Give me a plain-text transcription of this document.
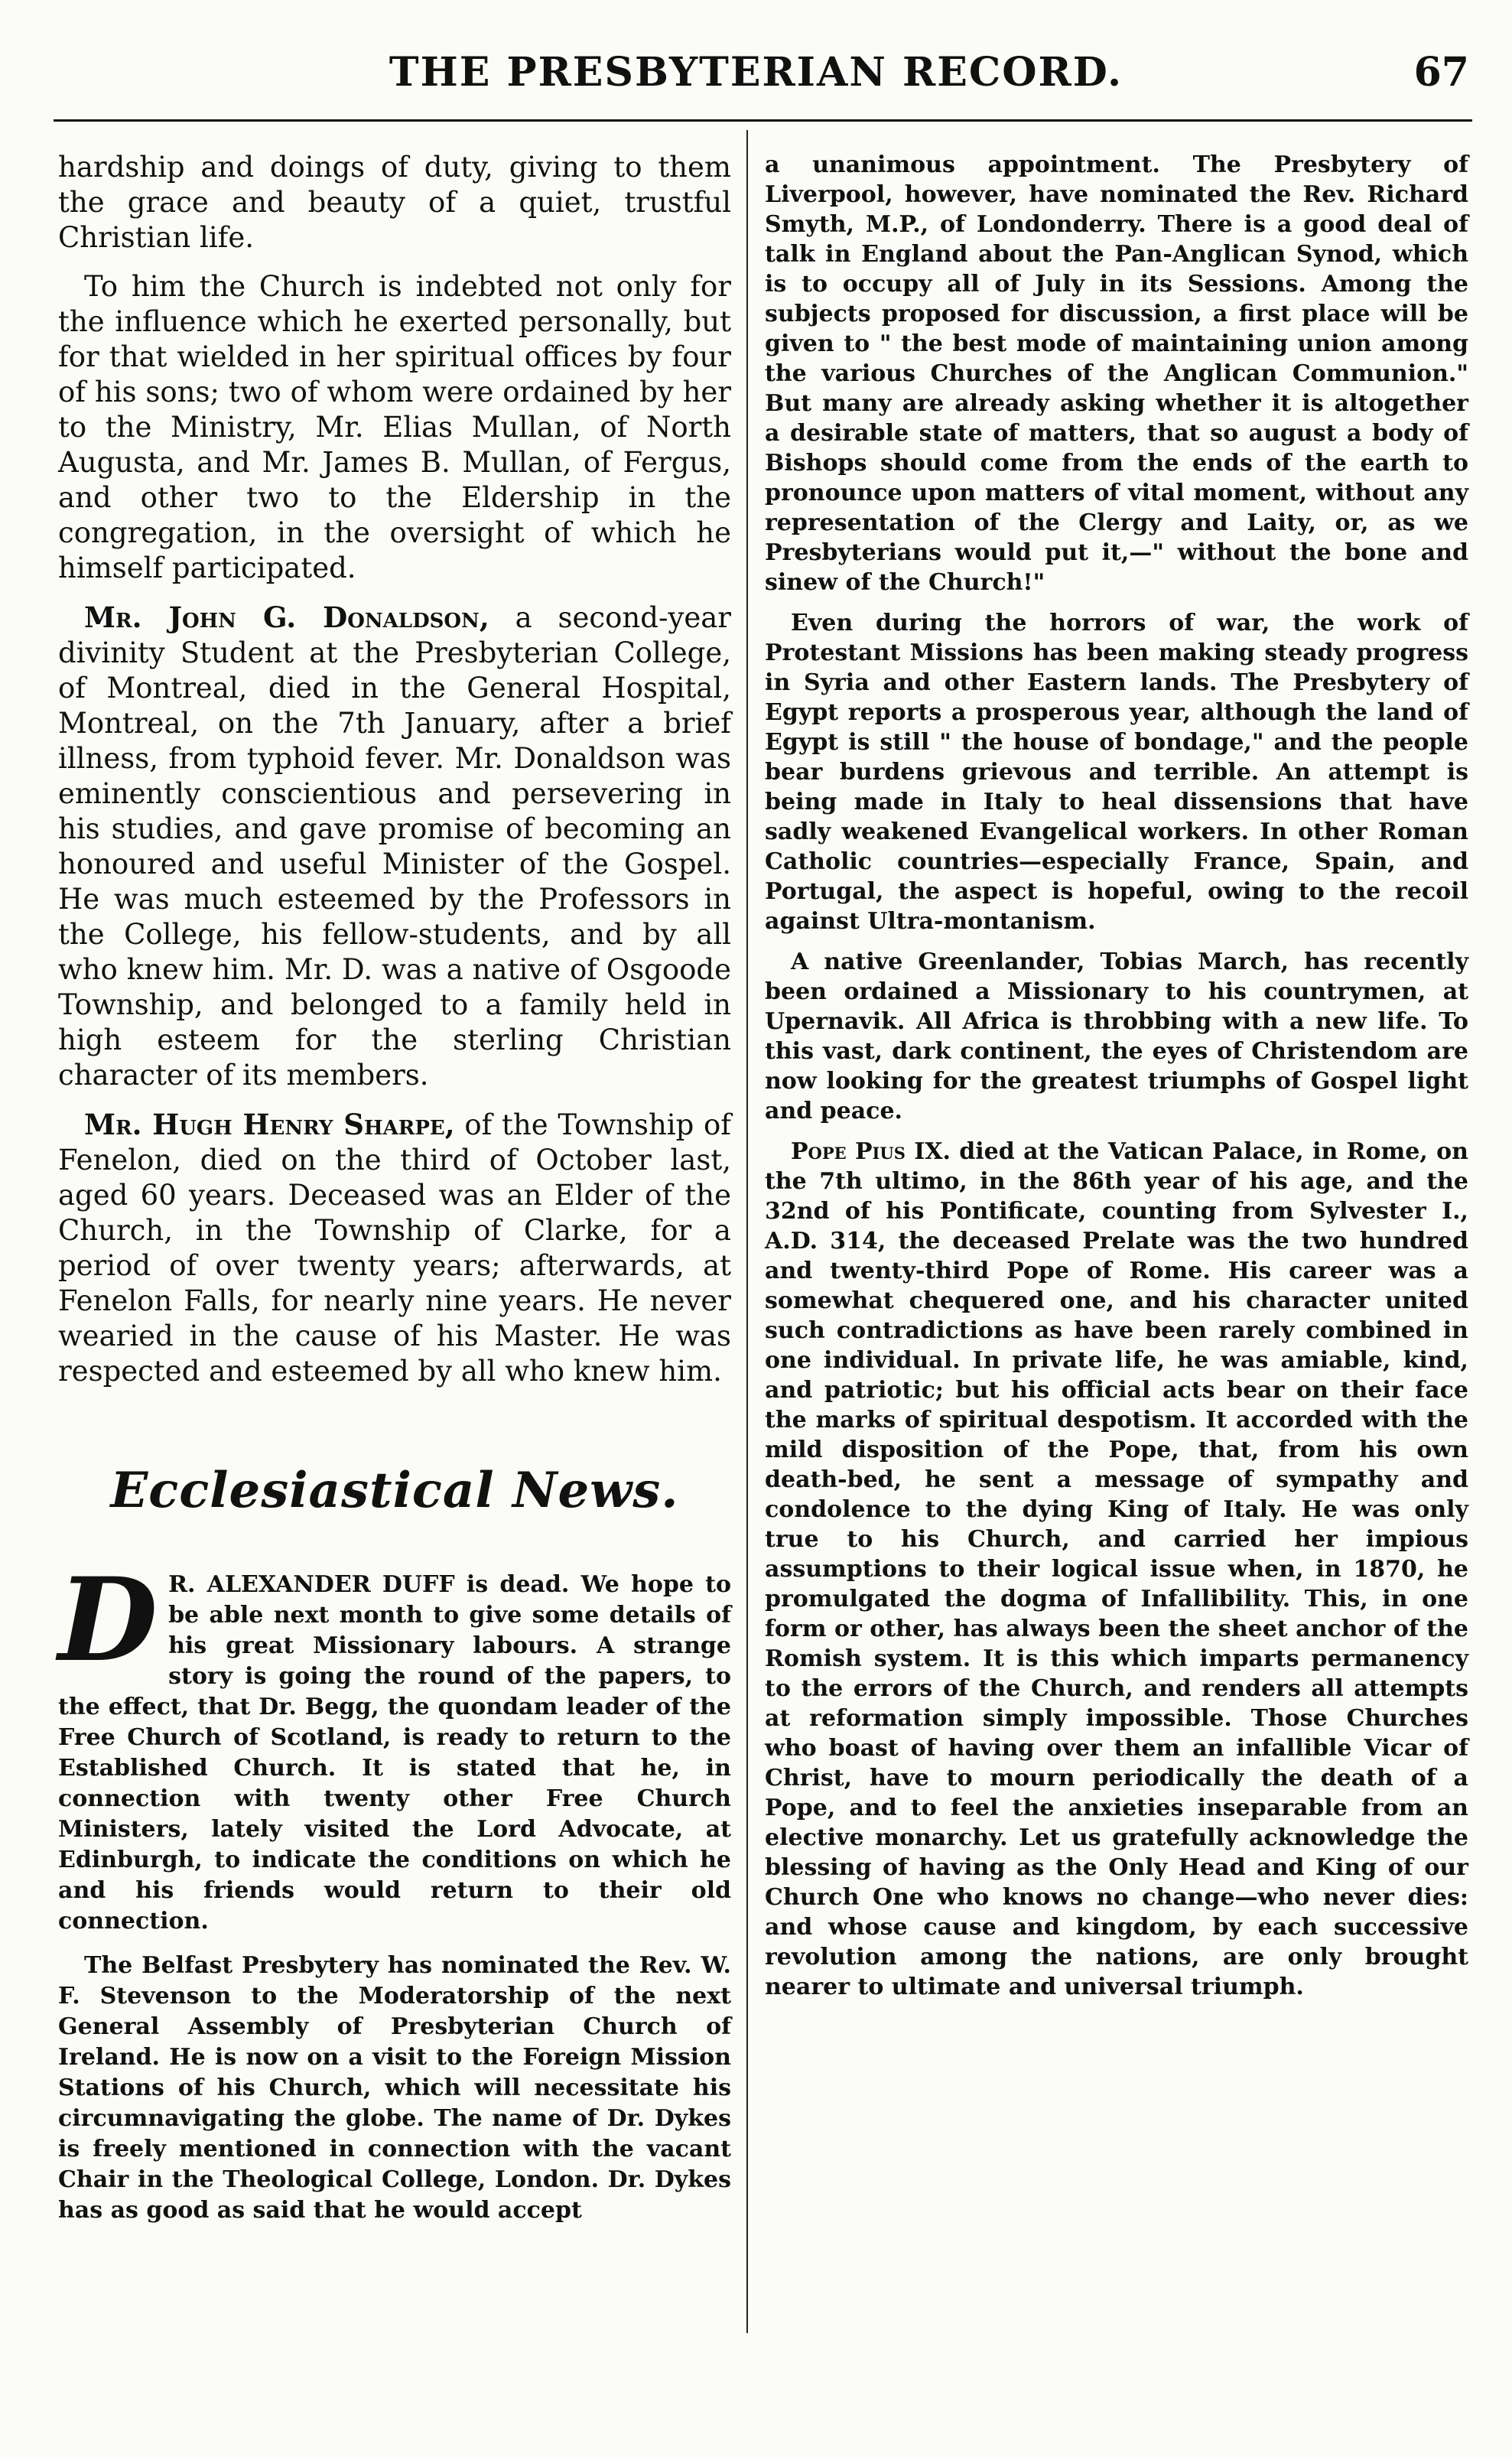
THE PRESBYTERIAN RECORD.	67

hardship and doings of duty, giving to them the grace and beauty of a quiet, trustful Christian life.

To him the Church is indebted not only for the influence which he exerted personally, but for that wielded in her spiritual offices by four of his sons; two of whom were ordained by her to the Ministry, Mr. Elias Mullan, of North Augusta, and Mr. James B. Mullan, of Fergus, and other two to the Eldership in the congregation, in the oversight of which he himself participated.

Mr. John G. Donaldson, a second-year divinity Student at the Presbyterian College, of Montreal, died in the General Hospital, Montreal, on the 7th January, after a brief illness, from typhoid fever. Mr. Donaldson was eminently conscientious and persevering in his studies, and gave promise of becoming an honoured and useful Minister of the Gospel. He was much esteemed by the Professors in the College, his fellow-students, and by all who knew him. Mr. D. was a native of Osgoode Township, and belonged to a family held in high esteem for the sterling Christian character of its members.

Mr. Hugh Henry Sharpe, of the Township of Fenelon, died on the third of October last, aged 60 years. Deceased was an Elder of the Church, in the Township of Clarke, for a period of over twenty years; afterwards, at Fenelon Falls, for nearly nine years. He never wearied in the cause of his Master. He was respected and esteemed by all who knew him.

Ecclesiastical News.

D R. ALEXANDER DUFF is dead. We hope to be able next month to give some details of his great Missionary labours. A strange story is going the round of the papers, to the effect, that Dr. Begg, the quondam leader of the Free Church of Scotland, is ready to return to the Established Church. It is stated that he, in connection with twenty other Free Church Ministers, lately visited the Lord Advocate, at Edinburgh, to indicate the conditions on which he and his friends would return to their old connection.

The Belfast Presbytery has nominated the Rev. W. F. Stevenson to the Moderatorship of the next General Assembly of Presbyterian Church of Ireland. He is now on a visit to the Foreign Mission Stations of his Church, which will necessitate his circumnavigating the globe. The name of Dr. Dykes is freely mentioned in connection with the vacant Chair in the Theological College, London. Dr. Dykes has as good as said that he would accept

a unanimous appointment. The Presbytery of Liverpool, however, have nominated the Rev. Richard Smyth, M.P., of Londonderry. There is a good deal of talk in England about the Pan-Anglican Synod, which is to occupy all of July in its Sessions. Among the subjects proposed for discussion, a first place will be given to " the best mode of maintaining union among the various Churches of the Anglican Communion." But many are already asking whether it is altogether a desirable state of matters, that so august a body of Bishops should come from the ends of the earth to pronounce upon matters of vital moment, without any representation of the Clergy and Laity, or, as we Presbyterians would put it,—" without the bone and sinew of the Church!"

Even during the horrors of war, the work of Protestant Missions has been making steady progress in Syria and other Eastern lands. The Presbytery of Egypt reports a prosperous year, although the land of Egypt is still " the house of bondage," and the people bear burdens grievous and terrible. An attempt is being made in Italy to heal dissensions that have sadly weakened Evangelical workers. In other Roman Catholic countries—especially France, Spain, and Portugal, the aspect is hopeful, owing to the recoil against Ultra-montanism.

A native Greenlander, Tobias March, has recently been ordained a Missionary to his countrymen, at Upernavik. All Africa is throbbing with a new life. To this vast, dark continent, the eyes of Christendom are now looking for the greatest triumphs of Gospel light and peace.

Pope Pius IX. died at the Vatican Palace, in Rome, on the 7th ultimo, in the 86th year of his age, and the 32nd of his Pontificate, counting from Sylvester I., A.D. 314, the deceased Prelate was the two hundred and twenty-third Pope of Rome. His career was a somewhat chequered one, and his character united such contradictions as have been rarely combined in one individual. In private life, he was amiable, kind, and patriotic; but his official acts bear on their face the marks of spiritual despotism. It accorded with the mild disposition of the Pope, that, from his own death-bed, he sent a message of sympathy and condolence to the dying King of Italy. He was only true to his Church, and carried her impious assumptions to their logical issue when, in 1870, he promulgated the dogma of Infallibility. This, in one form or other, has always been the sheet anchor of the Romish system. It is this which imparts permanency to the errors of the Church, and renders all attempts at reformation simply impossible. Those Churches who boast of having over them an infallible Vicar of Christ, have to mourn periodically the death of a Pope, and to feel the anxieties inseparable from an elective monarchy. Let us gratefully acknowledge the blessing of having as the Only Head and King of our Church One who knows no change—who never dies: and whose cause and kingdom, by each successive revolution among the nations, are only brought nearer to ultimate and universal triumph.
